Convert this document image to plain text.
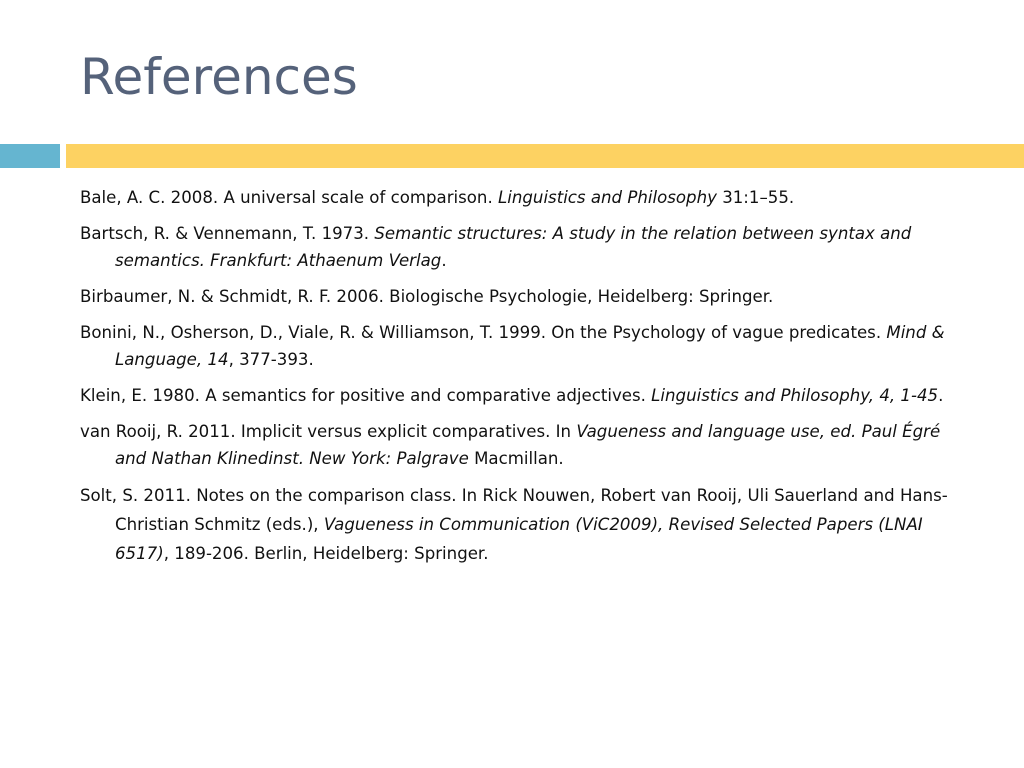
References
Bale, A. C. 2008. A universal scale of comparison. Linguistics and Philosophy 31:1–55.
Bartsch, R. & Vennemann, T. 1973. Semantic structures: A study in the relation between syntax and semantics. Frankfurt: Athaenum Verlag.
Birbaumer, N. & Schmidt, R. F. 2006. Biologische Psychologie, Heidelberg: Springer.
Bonini, N., Osherson, D., Viale, R. & Williamson, T. 1999. On the Psychology of vague predicates. Mind & Language, 14, 377-393.
Klein, E. 1980. A semantics for positive and comparative adjectives. Linguistics and Philosophy, 4, 1-45.
van Rooij, R. 2011. Implicit versus explicit comparatives. In Vagueness and language use, ed. Paul Égré and Nathan Klinedinst. New York: Palgrave Macmillan.
Solt, S. 2011. Notes on the comparison class. In Rick Nouwen, Robert van Rooij, Uli Sauerland and Hans-Christian Schmitz (eds.), Vagueness in Communication (ViC2009), Revised Selected Papers (LNAI 6517), 189-206. Berlin, Heidelberg: Springer.
